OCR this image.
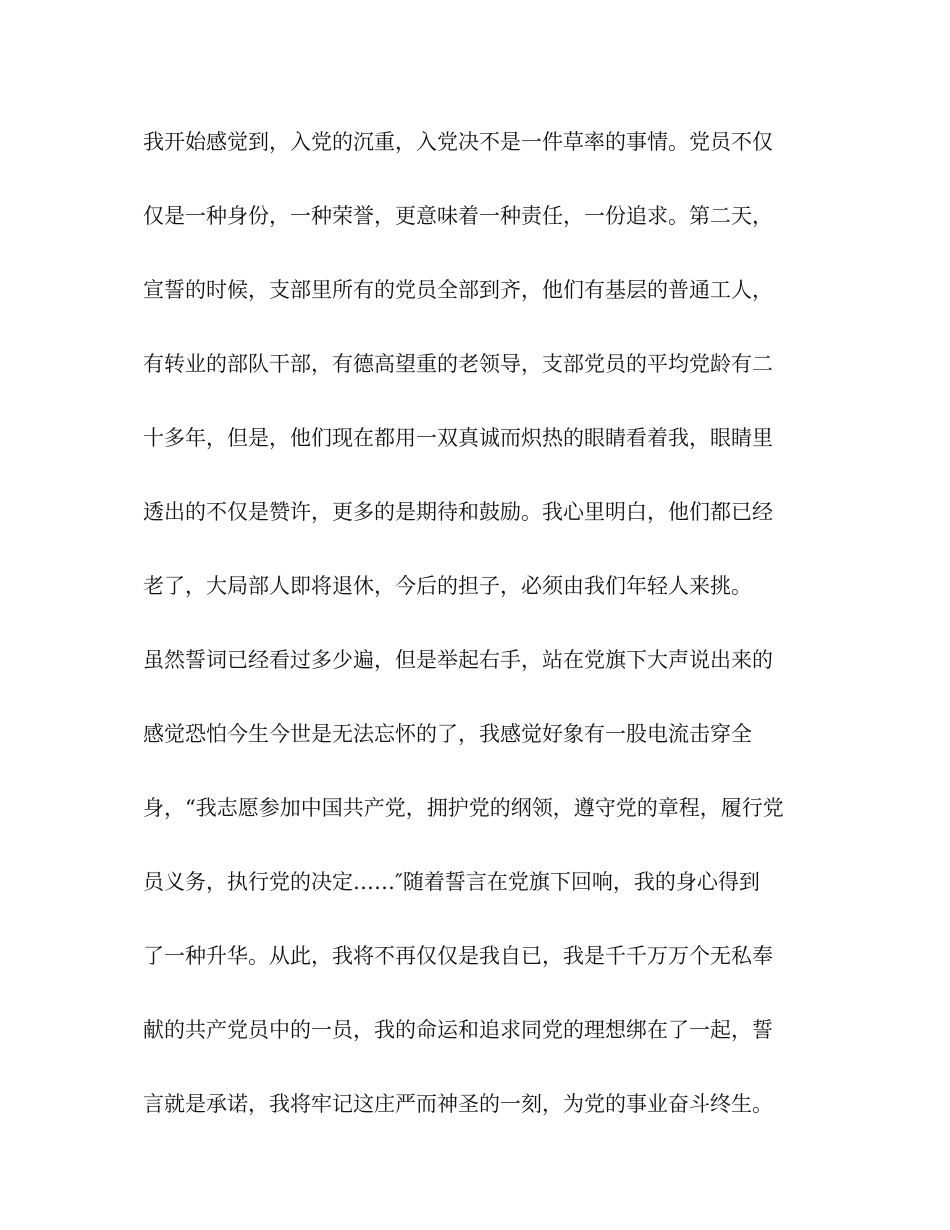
我开始感觉到，入党的沉重，入党决不是一件草率的事情。党员不仅
仅是一种身份，一种荣誉，更意味着一种责任，一份追求。第二天，
宣誓的时候，支部里所有的党员全部到齐，他们有基层的普通工人，
有转业的部队干部，有德高望重的老领导，支部党员的平均党龄有二
十多年，但是，他们现在都用一双真诚而炽热的眼睛看着我，眼睛里
透出的不仅是赞许，更多的是期待和鼓励。我心里明白，他们都已经
老了，大局部人即将退休，今后的担子，必须由我们年轻人来挑。
虽然誓词已经看过多少遍，但是举起右手，站在党旗下大声说出来的
感觉恐怕今生今世是无法忘怀的了，我感觉好象有一股电流击穿全
身，“我志愿参加中国共产党，拥护党的纲领，遵守党的章程，履行党
员义务，执行党的决定……″随着誓言在党旗下回响，我的身心得到
了一种升华。从此，我将不再仅仅是我自已，我是千千万万个无私奉
献的共产党员中的一员，我的命运和追求同党的理想绑在了一起，誓
言就是承诺，我将牢记这庄严而神圣的一刻，为党的事业奋斗终生。
